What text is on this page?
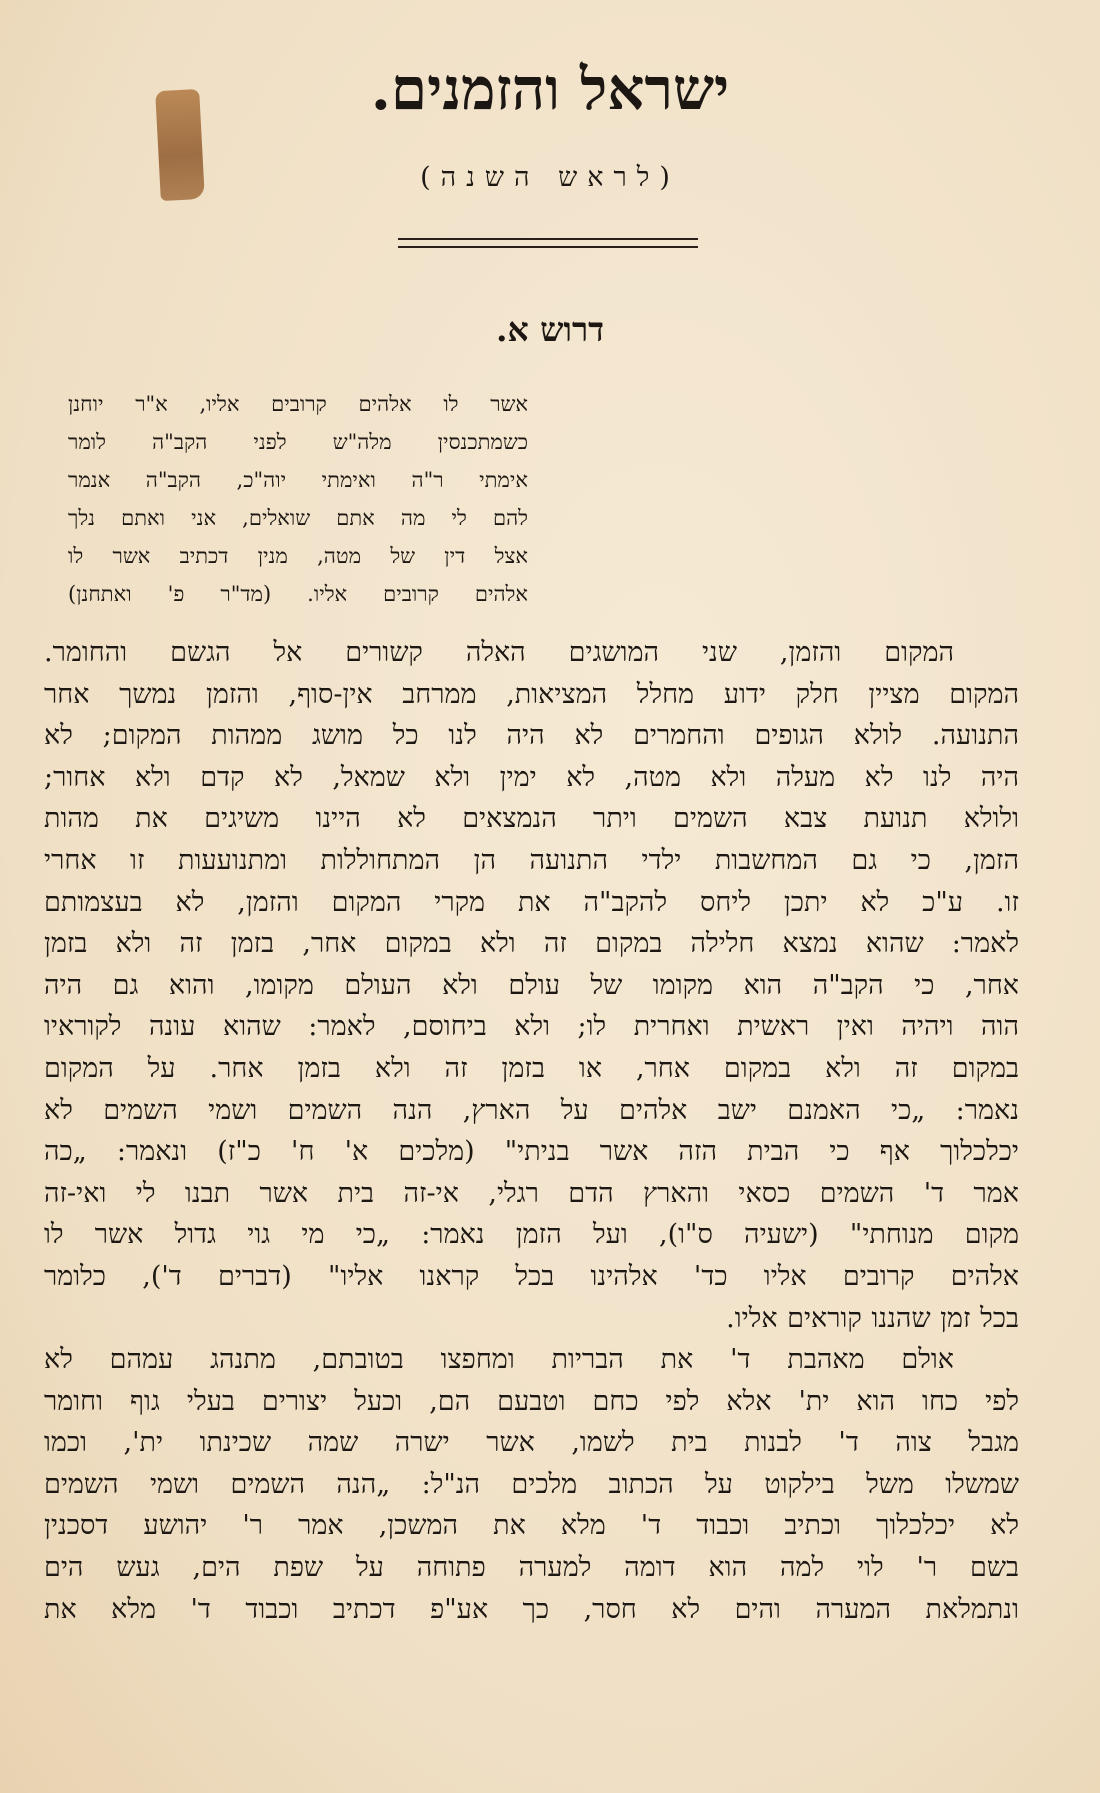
ישראל והזמנים.
(לראש השנה)
דרוש א.
אשר לו אלהים קרובים אליו, א"ר יוחנן
כשמתכנסין מלה"ש לפני הקב"ה לומר
אימתי ר"ה ואימתי יוה"כ, הקב"ה אנמר
להם לי מה אתם שואלים, אני ואתם נלך
אצל דין של מטה, מנין דכתיב אשר לו
אלהים קרובים אליו. (מד"ר פ' ואתחנן)
המקום והזמן, שני המושגים האלה קשורים אל הגשם והחומר.
המקום מציין חלק ידוע מחלל המציאות, ממרחב אין-סוף, והזמן נמשך אחר
התנועה. לולא הגופים והחמרים לא היה לנו כל מושג ממהות המקום; לא
היה לנו לא מעלה ולא מטה, לא ימין ולא שמאל, לא קדם ולא אחור;
ולולא תנועת צבא השמים ויתר הנמצאים לא היינו משיגים את מהות
הזמן, כי גם המחשבות ילדי התנועה הן המתחוללות ומתנועעות זו אחרי
זו. ע"כ לא יתכן ליחס להקב"ה את מקרי המקום והזמן, לא בעצמותם
לאמר: שהוא נמצא חלילה במקום זה ולא במקום אחר, בזמן זה ולא בזמן
אחר, כי הקב"ה הוא מקומו של עולם ולא העולם מקומו, והוא גם היה
הוה ויהיה ואין ראשית ואחרית לו; ולא ביחוסם, לאמר: שהוא עונה לקוראיו
במקום זה ולא במקום אחר, או בזמן זה ולא בזמן אחר. על המקום
נאמר: „כי האמנם ישב אלהים על הארץ, הנה השמים ושמי השמים לא
יכלכלוך אף כי הבית הזה אשר בניתי" (מלכים א' ח' כ"ז) ונאמר: „כה
אמר ד' השמים כסאי והארץ הדם רגלי, אי-זה בית אשר תבנו לי ואי-זה
מקום מנוחתי" (ישעיה ס"ו), ועל הזמן נאמר: „כי מי גוי גדול אשר לו
אלהים קרובים אליו כד' אלהינו בכל קראנו אליו" (דברים ד'), כלומר
בכל זמן שהננו קוראים אליו.
אולם מאהבת ד' את הבריות ומחפצו בטובתם, מתנהג עמהם לא
לפי כחו הוא ית' אלא לפי כחם וטבעם הם, וכעל יצורים בעלי גוף וחומר
מגבל צוה ד' לבנות בית לשמו, אשר ישרה שמה שכינתו ית', וכמו
שמשלו משל בילקוט על הכתוב מלכים הנ"ל: „הנה השמים ושמי השמים
לא יכלכלוך וכתיב וכבוד ד' מלא את המשכן, אמר ר' יהושע דסכנין
בשם ר' לוי למה הוא דומה למערה פתוחה על שפת הים, געש הים
ונתמלאת המערה והים לא חסר, כך אע"פ דכתיב וכבוד ד' מלא את
